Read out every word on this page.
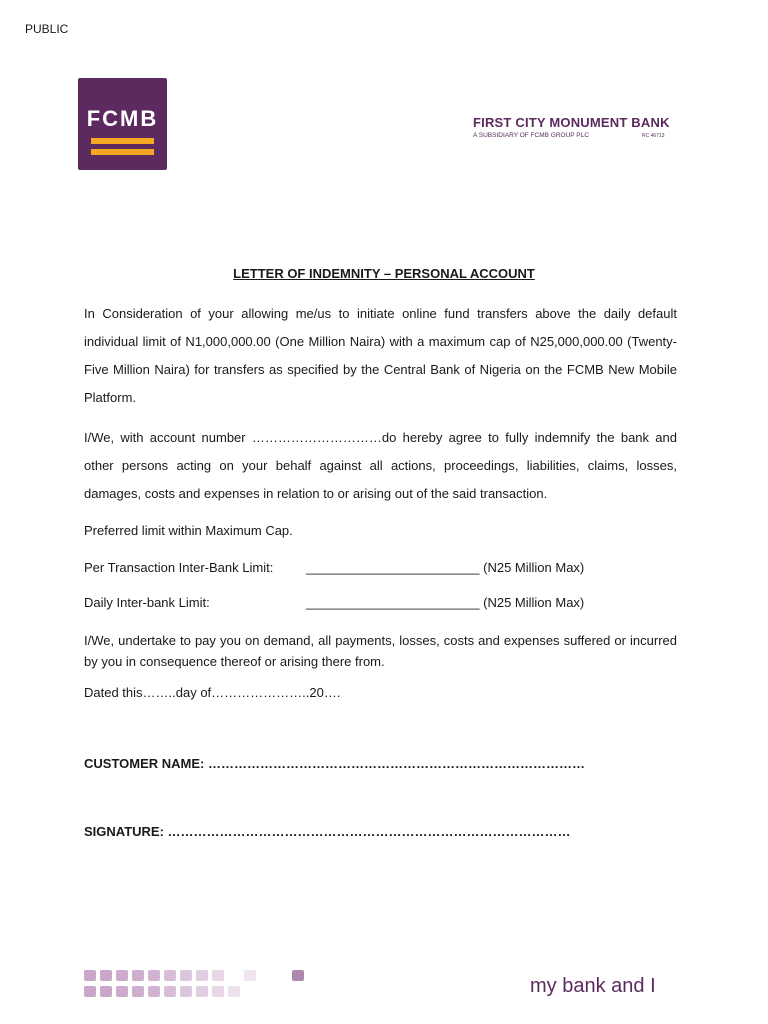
PUBLIC
FCMB	FIRST CITY MONUMENT BANK
A SUBSIDIARY OF FCMB GROUP PLC	RC 46713
LETTER OF INDEMNITY – PERSONAL ACCOUNT

In Consideration of your allowing me/us to initiate online fund transfers above the daily default individual limit of N1,000,000.00 (One Million Naira) with a maximum cap of N25,000,000.00 (Twenty-Five Million Naira) for transfers as specified by the Central Bank of Nigeria on the FCMB New Mobile Platform.

I/We, with account number …………………………do hereby agree to fully indemnify the bank and other persons acting on your behalf against all actions, proceedings, liabilities, claims, losses, damages, costs and expenses in relation to or arising out of the said transaction.

Preferred limit within Maximum Cap.

Per Transaction Inter-Bank Limit:	________________________ (N25 Million Max)
Daily Inter-bank Limit:	________________________ (N25 Million Max)

I/We, undertake to pay you on demand, all payments, losses, costs and expenses suffered or incurred by you in consequence thereof or arising there from.

Dated this……..day of…………………..20….

CUSTOMER NAME: ……………………………………………………………………………
SIGNATURE: …………………………………………………………………………………
my bank and I
